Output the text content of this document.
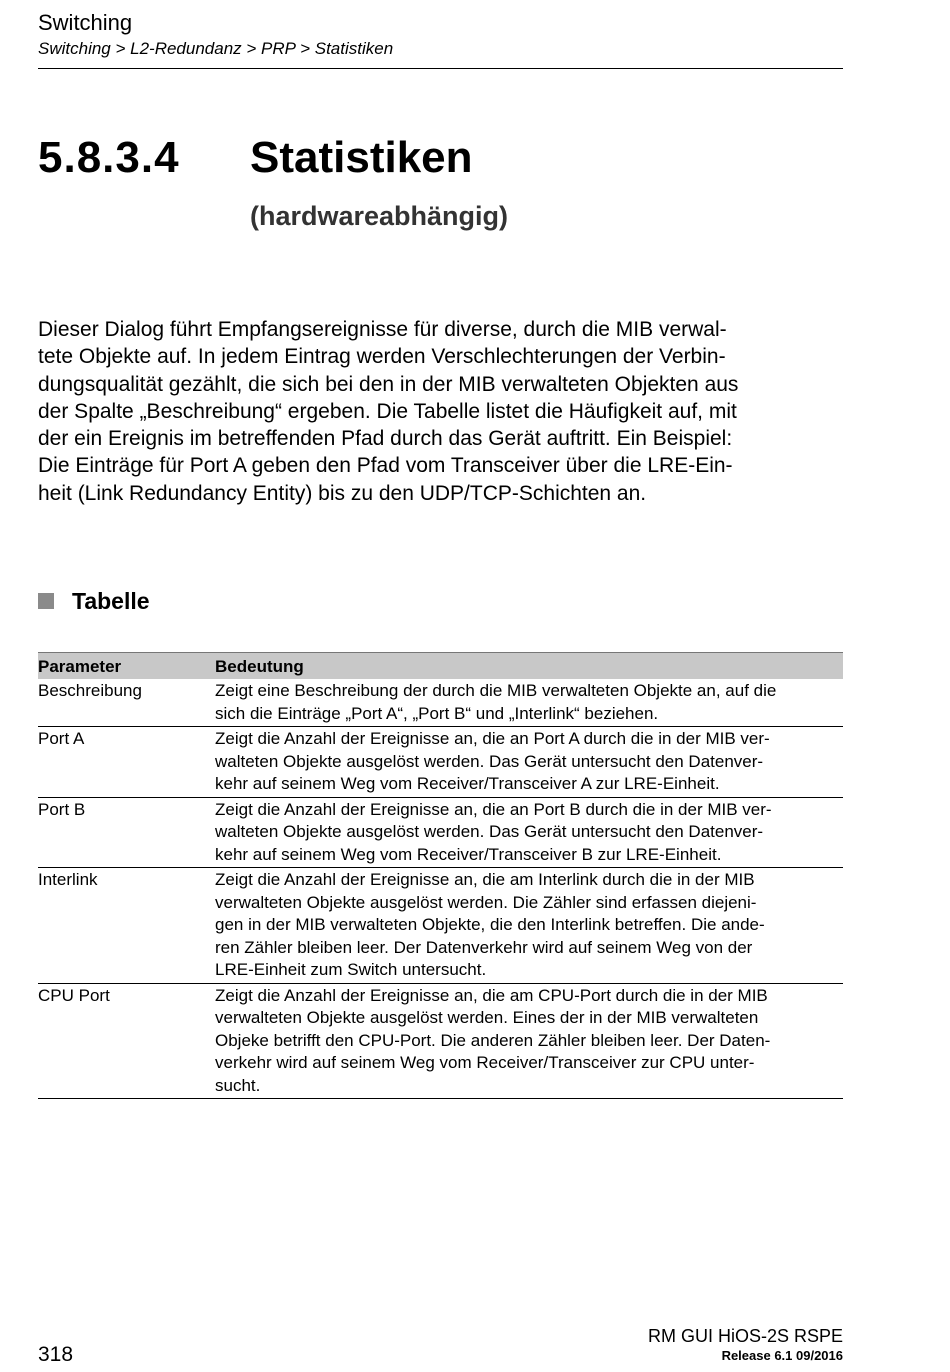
Switching
Switching > L2-Redundanz > PRP > Statistiken
5.8.3.4 Statistiken
(hardwareabhängig)

Dieser Dialog führt Empfangsereignisse für diverse, durch die MIB verwal-
tete Objekte auf. In jedem Eintrag werden Verschlechterungen der Verbin-
dungsqualität gezählt, die sich bei den in der MIB verwalteten Objekten aus
der Spalte „Beschreibung“ ergeben. Die Tabelle listet die Häufigkeit auf, mit
der ein Ereignis im betreffenden Pfad durch das Gerät auftritt. Ein Beispiel:
Die Einträge für Port A geben den Pfad vom Transceiver über die LRE-Ein-
heit (Link Redundancy Entity) bis zu den UDP/TCP-Schichten an.

Tabelle
Parameter	Bedeutung
Beschreibung	Zeigt eine Beschreibung der durch die MIB verwalteten Objekte an, auf die
sich die Einträge „Port A“, „Port B“ und „Interlink“ beziehen.
Port A	Zeigt die Anzahl der Ereignisse an, die an Port A durch die in der MIB ver-
walteten Objekte ausgelöst werden. Das Gerät untersucht den Datenver-
kehr auf seinem Weg vom Receiver/Transceiver A zur LRE-Einheit.
Port B	Zeigt die Anzahl der Ereignisse an, die an Port B durch die in der MIB ver-
walteten Objekte ausgelöst werden. Das Gerät untersucht den Datenver-
kehr auf seinem Weg vom Receiver/Transceiver B zur LRE-Einheit.
Interlink	Zeigt die Anzahl der Ereignisse an, die am Interlink durch die in der MIB
verwalteten Objekte ausgelöst werden. Die Zähler sind erfassen diejeni-
gen in der MIB verwalteten Objekte, die den Interlink betreffen. Die ande-
ren Zähler bleiben leer. Der Datenverkehr wird auf seinem Weg von der
LRE-Einheit zum Switch untersucht.
CPU Port	Zeigt die Anzahl der Ereignisse an, die am CPU-Port durch die in der MIB
verwalteten Objekte ausgelöst werden. Eines der in der MIB verwalteten
Objeke betrifft den CPU-Port. Die anderen Zähler bleiben leer. Der Daten-
verkehr wird auf seinem Weg vom Receiver/Transceiver zur CPU unter-
sucht.
318
RM GUI HiOS-2S RSPE
Release 6.1 09/2016
